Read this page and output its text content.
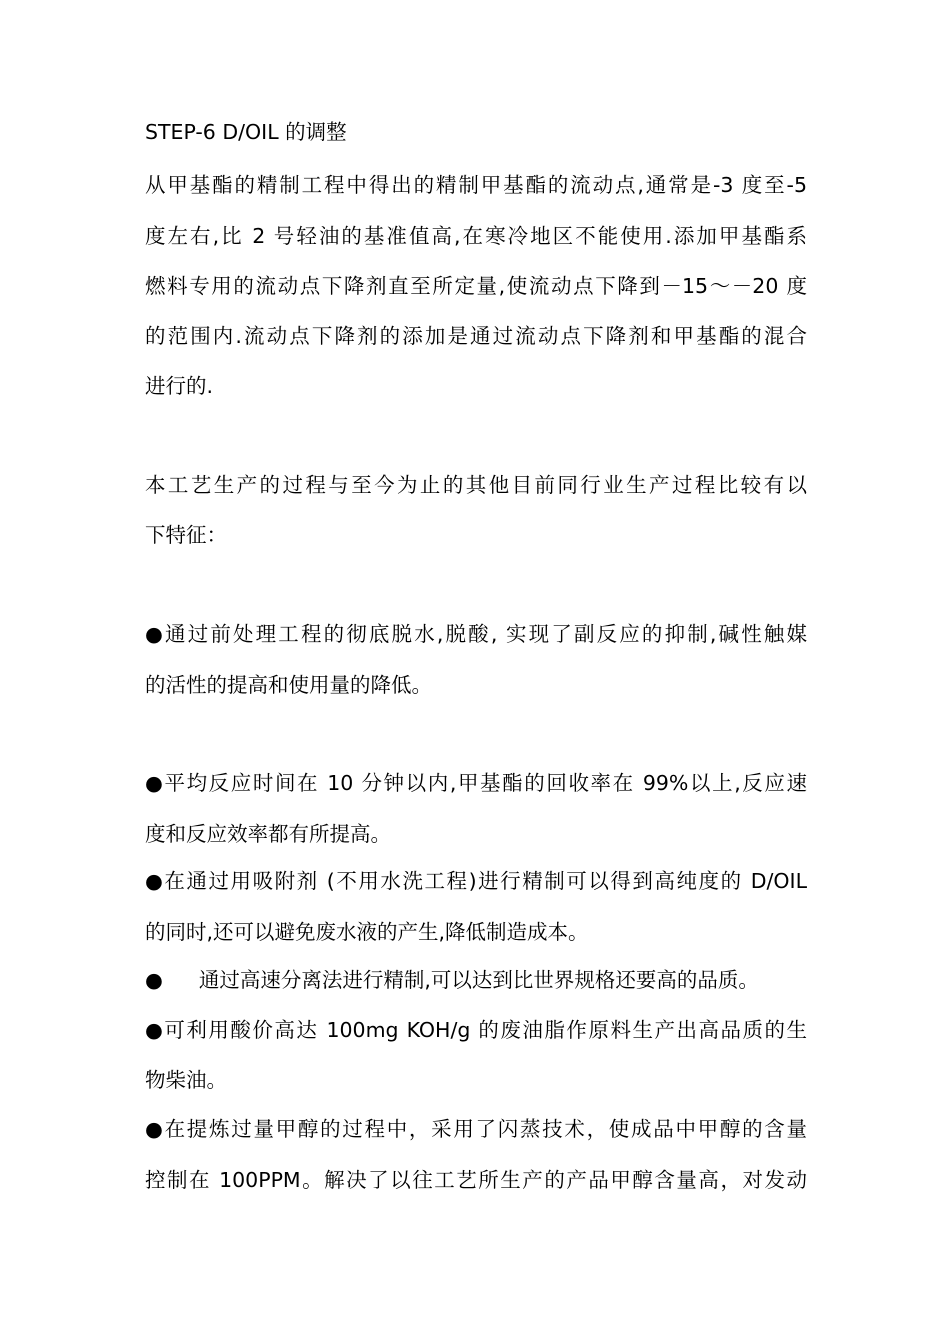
STEP-6 D/OIL 的调整
从甲基酯的精制工程中得出的精制甲基酯的流动点,通常是-3 度至-5
度左右,比 2 号轻油的基准值高,在寒冷地区不能使用.添加甲基酯系
燃料专用的流动点下降剂直至所定量,使流动点下降到－15～－20 度
的范围内.流动点下降剂的添加是通过流动点下降剂和甲基酯的混合
进行的.
本工艺生产的过程与至今为止的其他目前同行业生产过程比较有以
下特征：
●通过前处理工程的彻底脱水,脱酸, 实现了副反应的抑制,碱性触媒
的活性的提高和使用量的降低。
●平均反应时间在 10 分钟以内,甲基酯的回收率在 99%以上,反应速
度和反应效率都有所提高。
●在通过用吸附剂 (不用水洗工程)进行精制可以得到高纯度的 D/OIL
的同时,还可以避免废水液的产生,降低制造成本。
● 通过高速分离法进行精制,可以达到比世界规格还要高的品质。
●可利用酸价高达 100mg KOH/g 的废油脂作原料生产出高品质的生
物柴油。
●在提炼过量甲醇的过程中，采用了闪蒸技术，使成品中甲醇的含量
控制在 100PPM。解决了以往工艺所生产的产品甲醇含量高，对发动
